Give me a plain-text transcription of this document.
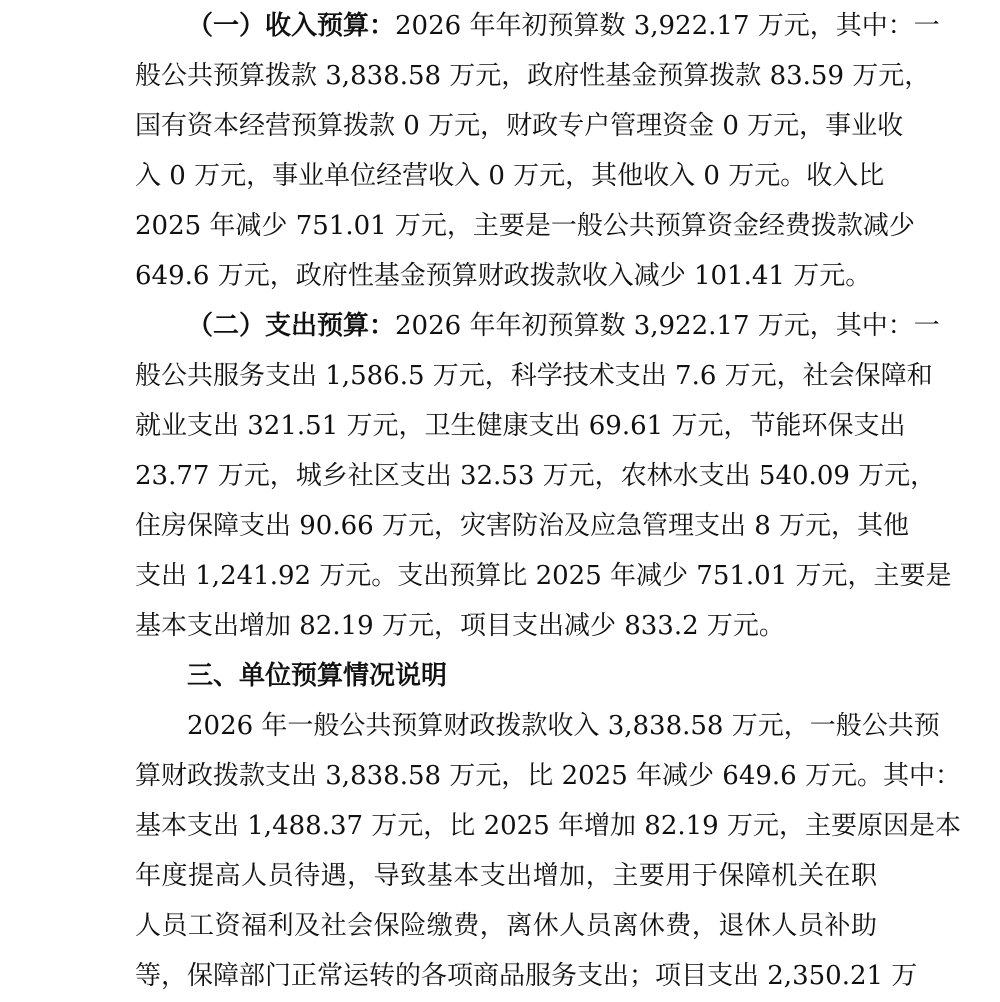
（一）收入预算：2026 年年初预算数 3,922.17 万元，其中：一
般公共预算拨款 3,838.58 万元，政府性基金预算拨款 83.59 万元，
国有资本经营预算拨款 0 万元，财政专户管理资金 0 万元，事业收
入 0 万元，事业单位经营收入 0 万元，其他收入 0 万元。收入比
2025 年减少 751.01 万元，主要是一般公共预算资金经费拨款减少
649.6 万元，政府性基金预算财政拨款收入减少 101.41 万元。
（二）支出预算：2026 年年初预算数 3,922.17 万元，其中：一
般公共服务支出 1,586.5 万元，科学技术支出 7.6 万元，社会保障和
就业支出 321.51 万元，卫生健康支出 69.61 万元，节能环保支出
23.77 万元，城乡社区支出 32.53 万元，农林水支出 540.09 万元，
住房保障支出 90.66 万元，灾害防治及应急管理支出 8 万元，其他
支出 1,241.92 万元。支出预算比 2025 年减少 751.01 万元，主要是
基本支出增加 82.19 万元，项目支出减少 833.2 万元。
三、单位预算情况说明
2026 年一般公共预算财政拨款收入 3,838.58 万元，一般公共预
算财政拨款支出 3,838.58 万元，比 2025 年减少 649.6 万元。其中：
基本支出 1,488.37 万元，比 2025 年增加 82.19 万元，主要原因是本
年度提高人员待遇，导致基本支出增加，主要用于保障机关在职
人员工资福利及社会保险缴费，离休人员离休费，退休人员补助
等，保障部门正常运转的各项商品服务支出；项目支出 2,350.21 万
